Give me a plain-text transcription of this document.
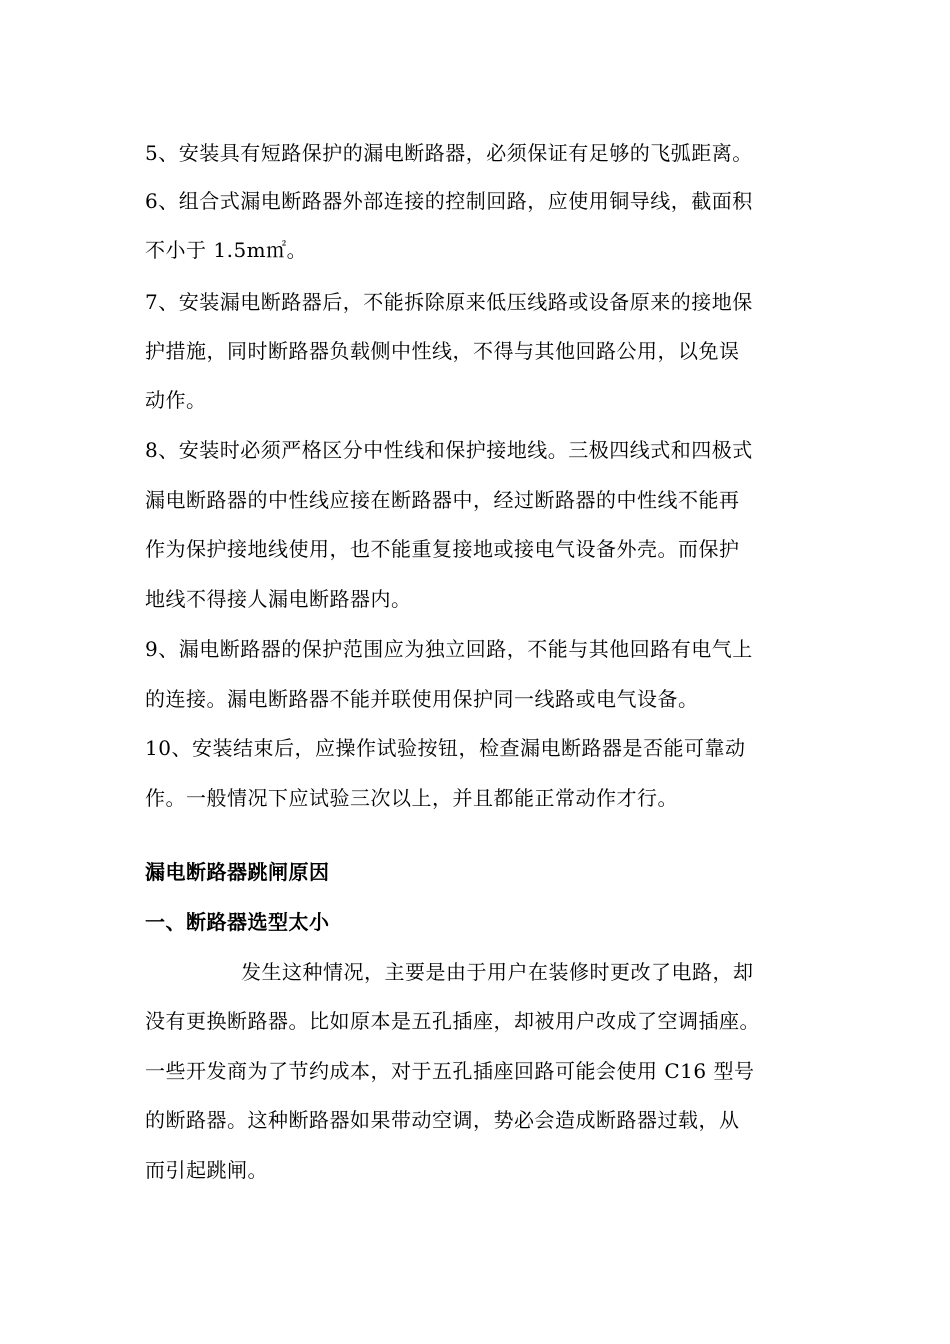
5、安装具有短路保护的漏电断路器，必须保证有足够的飞弧距离。
6、组合式漏电断路器外部连接的控制回路，应使用铜导线，截面积
不小于 1.5m㎡。
7、安装漏电断路器后，不能拆除原来低压线路或设备原来的接地保
护措施，同时断路器负载侧中性线，不得与其他回路公用，以免误
动作。
8、安装时必须严格区分中性线和保护接地线。三极四线式和四极式
漏电断路器的中性线应接在断路器中，经过断路器的中性线不能再
作为保护接地线使用，也不能重复接地或接电气设备外壳。而保护
地线不得接人漏电断路器内。
9、漏电断路器的保护范围应为独立回路，不能与其他回路有电气上
的连接。漏电断路器不能并联使用保护同一线路或电气设备。
10、安装结束后，应操作试验按钮，检查漏电断路器是否能可靠动
作。一般情况下应试验三次以上，并且都能正常动作才行。
漏电断路器跳闸原因
一、断路器选型太小
发生这种情况，主要是由于用户在装修时更改了电路，却
没有更换断路器。比如原本是五孔插座，却被用户改成了空调插座。
一些开发商为了节约成本，对于五孔插座回路可能会使用 C16 型号
的断路器。这种断路器如果带动空调，势必会造成断路器过载，从
而引起跳闸。
